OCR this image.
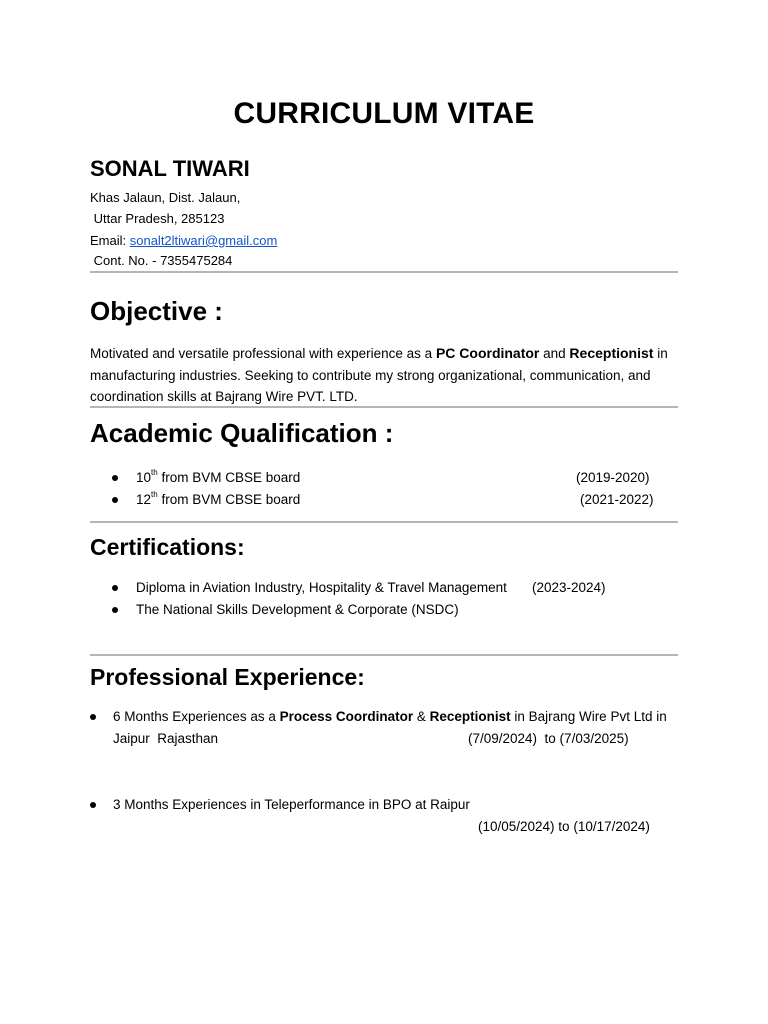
CURRICULUM VITAE
SONAL TIWARI
Khas Jalaun, Dist. Jalaun,
Uttar Pradesh, 285123
Email: sonalt2ltiwari@gmail.com
Cont. No. - 7355475284
Objective :
Motivated and versatile professional with experience as a PC Coordinator and Receptionist in manufacturing industries. Seeking to contribute my strong organizational, communication, and coordination skills at Bajrang Wire PVT. LTD.
Academic Qualification :
10th from BVM CBSE board	(2019-2020)
12th from BVM CBSE board	(2021-2022)
Certifications:
Diploma in Aviation Industry, Hospitality & Travel Management (2023-2024)
The National Skills Development & Corporate (NSDC)
Professional Experience:
6 Months Experiences as a Process Coordinator & Receptionist in Bajrang Wire Pvt Ltd in
Jaipur  Rajasthan	(7/09/2024)  to (7/03/2025)
3 Months Experiences in Teleperformance in BPO at Raipur
(10/05/2024) to (10/17/2024)
